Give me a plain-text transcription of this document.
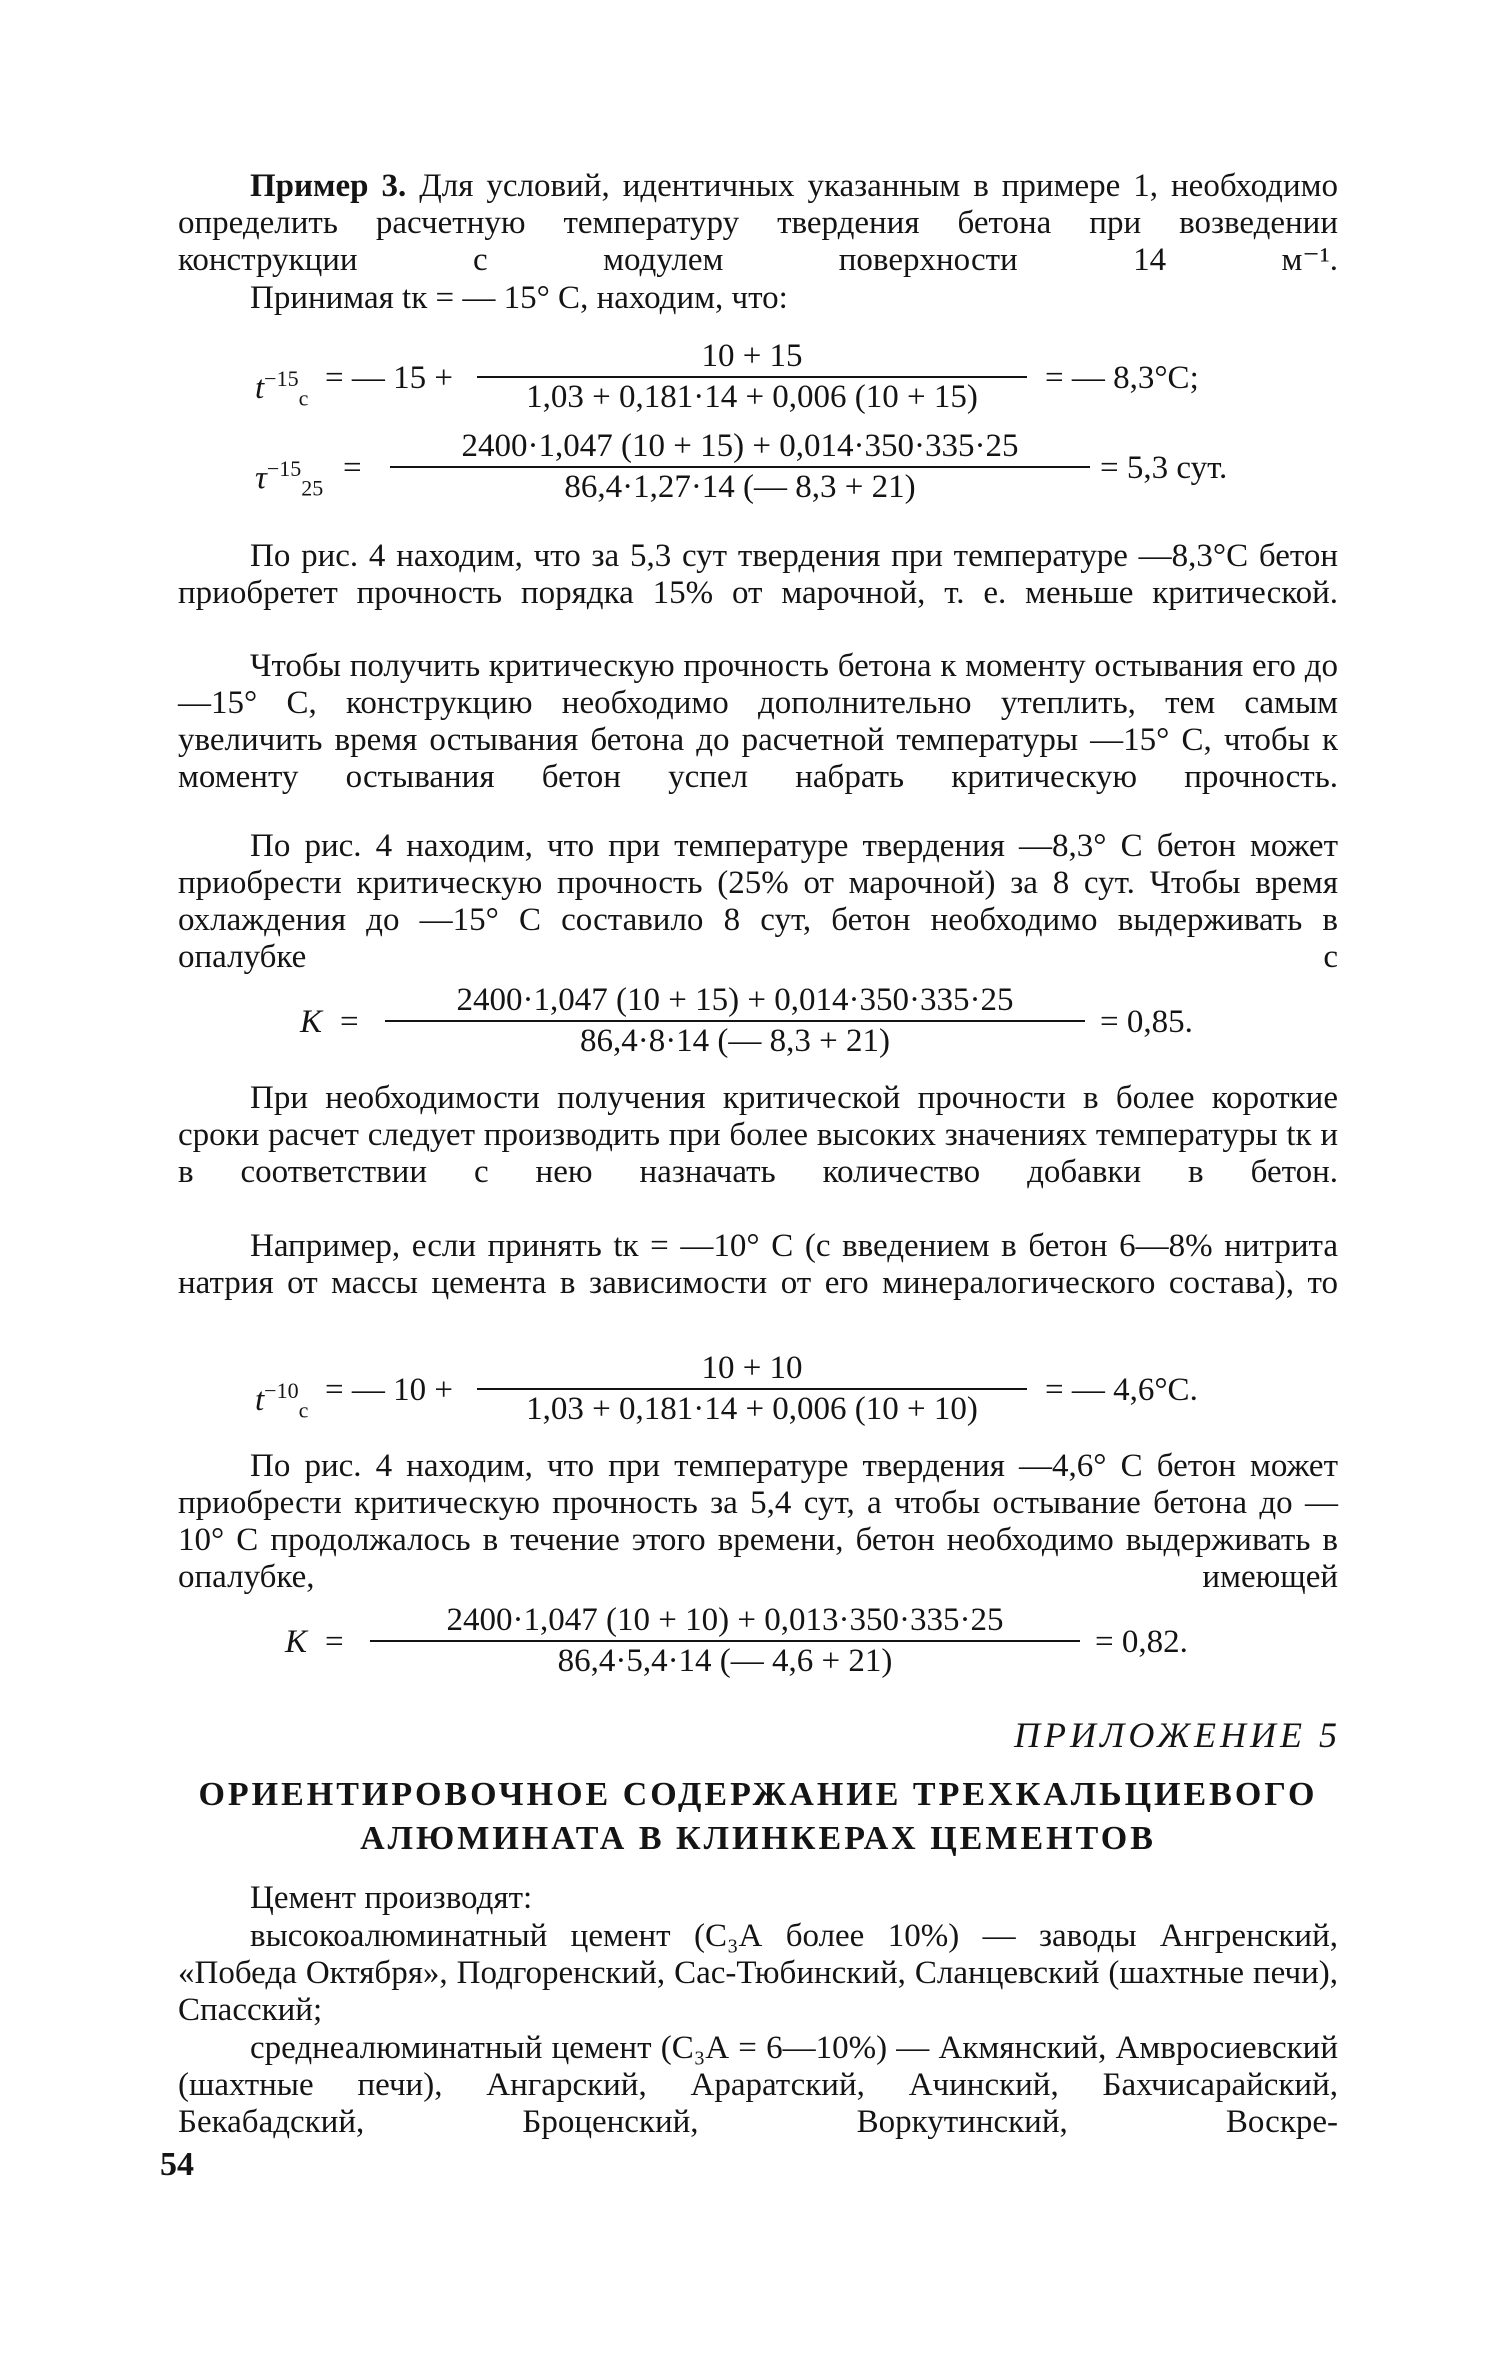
Пример 3. Для условий, идентичных указанным в примере 1, необходимо определить расчетную температуру твердения бетона при возведении конструкции с модулем поверхности 14 м⁻¹.
Принимая tк = — 15° С, находим, что:
$t^{-15}_с$
= — 15 +
10 + 15
1,03 + 0,181·14 + 0,006 (10 + 15)
= — 8,3°С;
$\tau^{-15}_{25}$
=
2400·1,047 (10 + 15) + 0,014·350·335·25
86,4·1,27·14 (— 8,3 + 21)
= 5,3 сут.
По рис. 4 находим, что за 5,3 сут твердения при температуре —8,3°С бетон приобретет прочность порядка 15% от марочной, т. е. меньше критической.
Чтобы получить критическую прочность бетона к моменту остывания его до —15° С, конструкцию необходимо дополнительно утеплить, тем самым увеличить время остывания бетона до расчетной температуры —15° С, чтобы к моменту остывания бетон успел набрать критическую прочность.
По рис. 4 находим, что при температуре твердения —8,3° С бетон может приобрести критическую прочность (25% от марочной) за 8 сут. Чтобы время охлаждения до —15° С составило 8 сут, бетон необходимо выдерживать в опалубке с
K =
2400·1,047 (10 + 15) + 0,014·350·335·25
86,4·8·14 (— 8,3 + 21)
= 0,85.
При необходимости получения критической прочности в более короткие сроки расчет следует производить при более высоких значениях температуры tк и в соответствии с нею назначать количество добавки в бетон.
Например, если принять tк = —10° С (с введением в бетон 6—8% нитрита натрия от массы цемента в зависимости от его минералогического состава), то
$t^{-10}_с$
= — 10 +
10 + 10
1,03 + 0,181·14 + 0,006 (10 + 10)
= — 4,6°С.
По рис. 4 находим, что при температуре твердения —4,6° С бетон может приобрести критическую прочность за 5,4 сут, а чтобы остывание бетона до —10° С продолжалось в течение этого времени, бетон необходимо выдерживать в опалубке, имеющей
K =
2400·1,047 (10 + 10) + 0,013·350·335·25
86,4·5,4·14 (— 4,6 + 21)
= 0,82.
ПРИЛОЖЕНИЕ 5
ОРИЕНТИРОВОЧНОЕ СОДЕРЖАНИЕ ТРЕХКАЛЬЦИЕВОГО
АЛЮМИНАТА В КЛИНКЕРАХ ЦЕМЕНТОВ
Цемент производят:
высокоалюминатный цемент (С₃А более 10%) — заводы Ангренский, «Победа Октября», Подгоренский, Сас-Тюбинский, Сланцевский (шахтные печи), Спасский;
среднеалюминатный цемент (С₃А = 6—10%) — Акмянский, Амвросиевский (шахтные печи), Ангарский, Араратский, Ачинский, Бахчисарайский, Бекабадский, Броценский, Воркутинский, Воскре-
54
